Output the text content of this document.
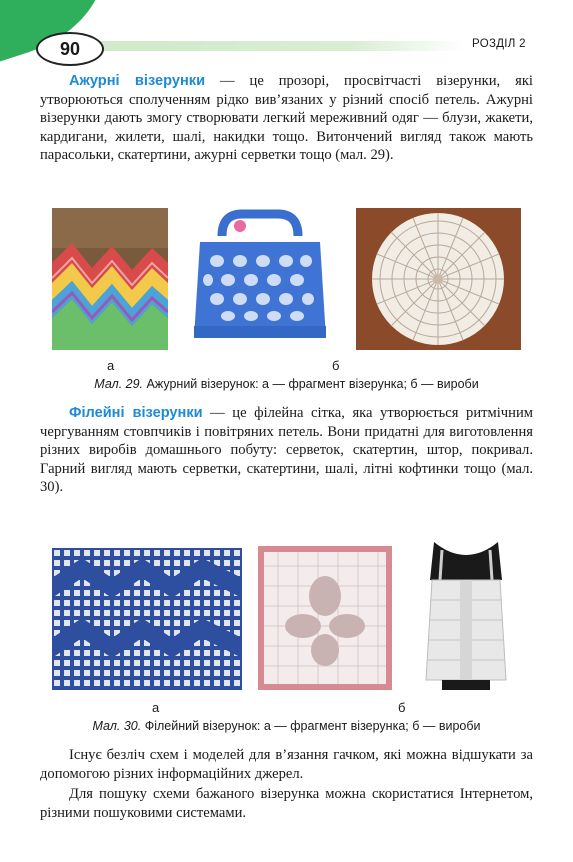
90	РОЗДІЛ 2

Ажурні візерунки — це прозорі, просвітчасті візерунки, які утворюються сполученням рідко вив’язаних у різний спосіб петель. Ажурні візерунки дають змогу створювати легкий мереживний одяг — блузи, жакети, кардигани, жилети, шалі, накидки тощо. Витончений вигляд також мають парасольки, скатертини, ажурні серветки тощо (мал. 29).

а	б
Мал. 29. Ажурний візерунок: а — фрагмент візерунка; б — вироби

Філейні візерунки — це філейна сітка, яка утворюється ритмічним чергуванням стовпчиків і повітряних петель. Вони придатні для виготовлення різних виробів домашнього побуту: серветок, скатертин, штор, покривал. Гарний вигляд мають серветки, скатертини, шалі, літні кофтинки тощо (мал. 30).

а	б
Мал. 30. Філейний візерунок: а — фрагмент візерунка; б — вироби

Існує безліч схем і моделей для в’язання гачком, які можна відшукати за допомогою різних інформаційних джерел.

Для пошуку схеми бажаного візерунка можна скористатися Інтернетом, різними пошуковими системами.
